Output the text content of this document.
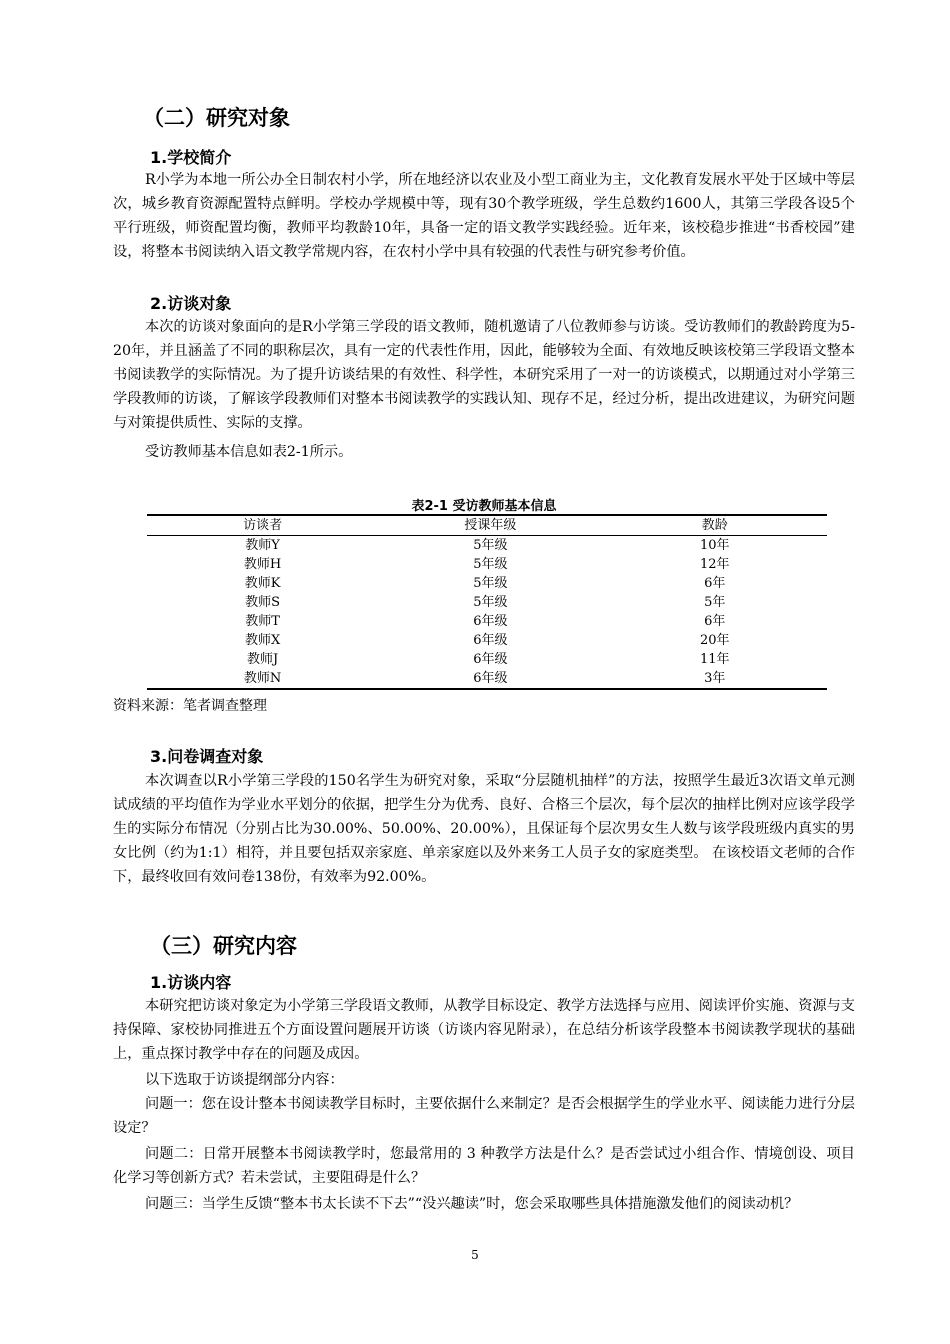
（二）研究对象
1.学校简介

R小学为本地一所公办全日制农村小学，所在地经济以农业及小型工商业为主，文化教育发展水平处于区域中等层次，城乡教育资源配置特点鲜明。学校办学规模中等，现有30个教学班级，学生总数约1600人，其第三学段各设5个平行班级，师资配置均衡，教师平均教龄10年，具备一定的语文教学实践经验。近年来，该校稳步推进“书香校园”建设，将整本书阅读纳入语文教学常规内容，在农村小学中具有较强的代表性与研究参考价值。

2.访谈对象

本次的访谈对象面向的是R小学第三学段的语文教师，随机邀请了八位教师参与访谈。受访教师们的教龄跨度为5-20年，并且涵盖了不同的职称层次，具有一定的代表性作用，因此，能够较为全面、有效地反映该校第三学段语文整本书阅读教学的实际情况。为了提升访谈结果的有效性、科学性，本研究采用了一对一的访谈模式，以期通过对小学第三学段教师的访谈，了解该学段教师们对整本书阅读教学的实践认知、现存不足，经过分析，提出改进建议，为研究问题与对策提供质性、实际的支撑。

受访教师基本信息如表2-1所示。

表2-1 受访教师基本信息
访谈者	授课年级	教龄
教师Y	5年级	10年
教师H	5年级	12年
教师K	5年级	6年
教师S	5年级	5年
教师T	6年级	6年
教师X	6年级	20年
教师J	6年级	11年
教师N	6年级	3年
资料来源：笔者调查整理
3.问卷调查对象

本次调查以R小学第三学段的150名学生为研究对象，采取“分层随机抽样”的方法，按照学生最近3次语文单元测试成绩的平均值作为学业水平划分的依据，把学生分为优秀、良好、合格三个层次，每个层次的抽样比例对应该学段学生的实际分布情况（分别占比为30.00%、50.00%、20.00%），且保证每个层次男女生人数与该学段班级内真实的男女比例（约为1:1）相符，并且要包括双亲家庭、单亲家庭以及外来务工人员子女的家庭类型。 在该校语文老师的合作下，最终收回有效问卷138份，有效率为92.00%。

（三）研究内容
1.访谈内容

本研究把访谈对象定为小学第三学段语文教师，从教学目标设定、教学方法选择与应用、阅读评价实施、资源与支持保障、家校协同推进五个方面设置问题展开访谈（访谈内容见附录），在总结分析该学段整本书阅读教学现状的基础上，重点探讨教学中存在的问题及成因。

以下选取于访谈提纲部分内容：

问题一：您在设计整本书阅读教学目标时，主要依据什么来制定？是否会根据学生的学业水平、阅读能力进行分层设定？

问题二：日常开展整本书阅读教学时，您最常用的 3 种教学方法是什么？是否尝试过小组合作、情境创设、项目化学习等创新方式？若未尝试，主要阻碍是什么？

问题三：当学生反馈“整本书太长读不下去”“没兴趣读”时，您会采取哪些具体措施激发他们的阅读动机？

5
